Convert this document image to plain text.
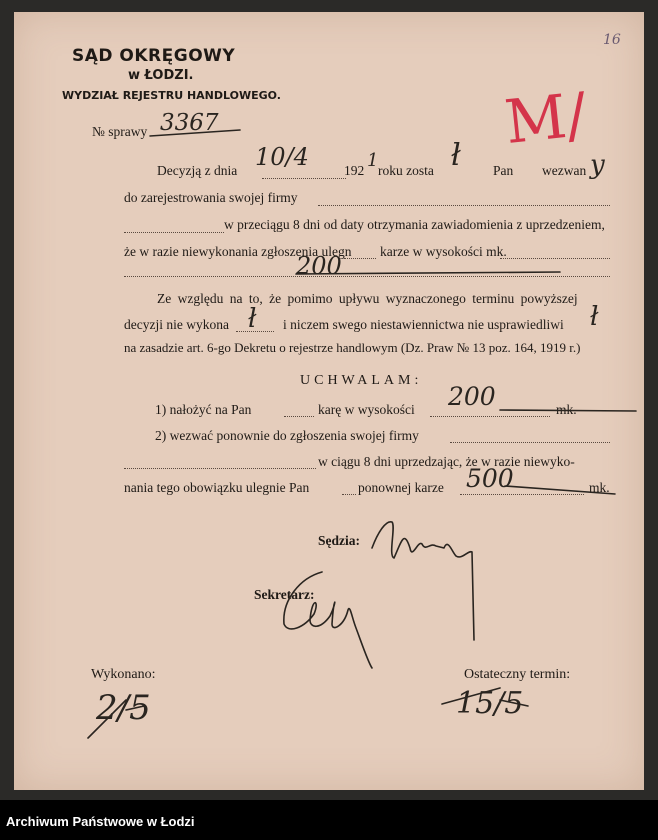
SĄD OKRĘGOWY
w ŁODZI.
WYDZIAŁ REJESTRU HANDLOWEGO.
№ sprawy 3367
16
M/
Decyzją z dnia 10/4	192 1 roku zosta ł Pan wezwan y
do zarejestrowania swojej firmy
w przeciągu 8 dni od daty otrzymania zawiadomienia z uprzedzeniem,
że w razie niewykonania zgłoszenia ulegn karze w wysokości mk.
200
Ze względu na to, że pomimo upływu wyznaczonego terminu powyższej
decyzji nie wykona ł i niczem swego niestawiennictwa nie usprawiedliwi ł
na zasadzie art. 6-go Dekretu o rejestrze handlowym (Dz. Praw № 13 poz. 164, 1919 r.)
UCHWALAM:
1) nałożyć na Pan	karę w wysokości 200	mk.
2) wezwać ponownie do zgłoszenia swojej firmy
w ciągu 8 dni uprzedzając, że w razie niewyko-
nania tego obowiązku ulegnie Pan	ponownej karze 500	mk.
Sędzia:
Sekretarz:
Wykonano:
2/5
Ostateczny termin:
15/5
Archiwum Państwowe w Łodzi
